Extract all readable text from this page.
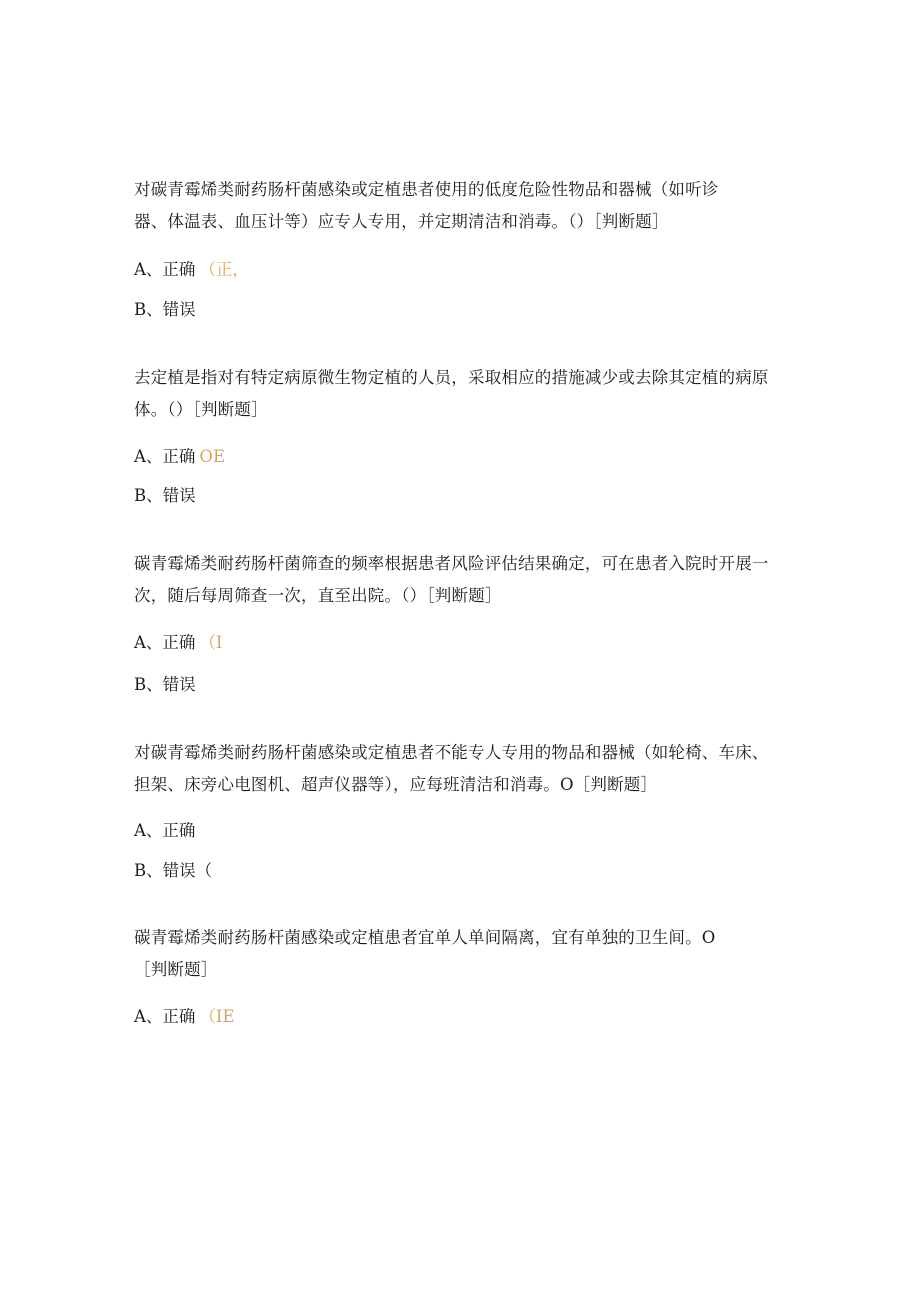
对碳青霉烯类耐药肠杆菌感染或定植患者使用的低度危险性物品和器械（如听诊
器、体温表、血压计等）应专人专用，并定期清洁和消毒。（）［判断题］
A、正确 （正，
B、错误
去定植是指对有特定病原微生物定植的人员，采取相应的措施减少或去除其定植的病原
体。（）［判断题］
A、正确 OE
B、错误
碳青霉烯类耐药肠杆菌筛查的频率根据患者风险评估结果确定，可在患者入院时开展一
次，随后每周筛查一次，直至出院。（）［判断题］
A、正确 （I
B、错误
对碳青霉烯类耐药肠杆菌感染或定植患者不能专人专用的物品和器械（如轮椅、车床、
担架、床旁心电图机、超声仪器等），应每班清洁和消毒。O［判断题］
A、正确
B、错误（
碳青霉烯类耐药肠杆菌感染或定植患者宜单人单间隔离，宜有单独的卫生间。O
［判断题］
A、正确 （IE
